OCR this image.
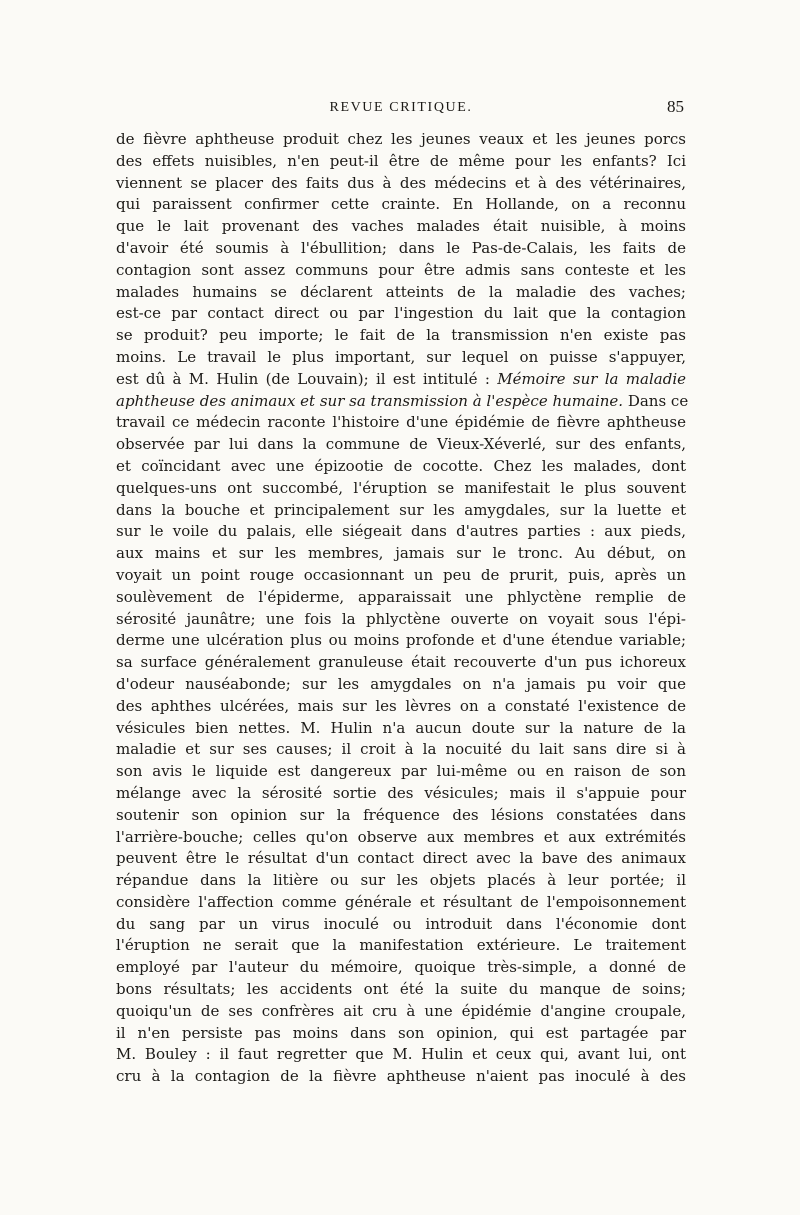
REVUE CRITIQUE.	85
de fièvre aphtheuse produit chez les jeunes veaux et les jeunes porcs
des effets nuisibles, n'en peut-il être de même pour les enfants? Ici
viennent se placer des faits dus à des médecins et à des vétérinaires,
qui paraissent confirmer cette crainte. En Hollande, on a reconnu
que le lait provenant des vaches malades était nuisible, à moins
d'avoir été soumis à l'ébullition; dans le Pas-de-Calais, les faits de
contagion sont assez communs pour être admis sans conteste et les
malades humains se déclarent atteints de la maladie des vaches;
est-ce par contact direct ou par l'ingestion du lait que la contagion
se produit? peu importe; le fait de la transmission n'en existe pas
moins. Le travail le plus important, sur lequel on puisse s'appuyer,
est dû à M. Hulin (de Louvain); il est intitulé : Mémoire sur la maladie
aphtheuse des animaux et sur sa transmission à l'espèce humaine. Dans ce
travail ce médecin raconte l'histoire d'une épidémie de fièvre aphtheuse
observée par lui dans la commune de Vieux-Xéverlé, sur des enfants,
et coïncidant avec une épizootie de cocotte. Chez les malades, dont
quelques-uns ont succombé, l'éruption se manifestait le plus souvent
dans la bouche et principalement sur les amygdales, sur la luette et
sur le voile du palais, elle siégeait dans d'autres parties : aux pieds,
aux mains et sur les membres, jamais sur le tronc. Au début, on
voyait un point rouge occasionnant un peu de prurit, puis, après un
soulèvement de l'épiderme, apparaissait une phlyctène remplie de
sérosité jaunâtre; une fois la phlyctène ouverte on voyait sous l'épi-
derme une ulcération plus ou moins profonde et d'une étendue variable;
sa surface généralement granuleuse était recouverte d'un pus ichoreux
d'odeur nauséabonde; sur les amygdales on n'a jamais pu voir que
des aphthes ulcérées, mais sur les lèvres on a constaté l'existence de
vésicules bien nettes. M. Hulin n'a aucun doute sur la nature de la
maladie et sur ses causes; il croit à la nocuité du lait sans dire si à
son avis le liquide est dangereux par lui-même ou en raison de son
mélange avec la sérosité sortie des vésicules; mais il s'appuie pour
soutenir son opinion sur la fréquence des lésions constatées dans
l'arrière-bouche; celles qu'on observe aux membres et aux extrémités
peuvent être le résultat d'un contact direct avec la bave des animaux
répandue dans la litière ou sur les objets placés à leur portée; il
considère l'affection comme générale et résultant de l'empoisonnement
du sang par un virus inoculé ou introduit dans l'économie dont
l'éruption ne serait que la manifestation extérieure. Le traitement
employé par l'auteur du mémoire, quoique très-simple, a donné de
bons résultats; les accidents ont été la suite du manque de soins;
quoiqu'un de ses confrères ait cru à une épidémie d'angine croupale,
il n'en persiste pas moins dans son opinion, qui est partagée par
M. Bouley : il faut regretter que M. Hulin et ceux qui, avant lui, ont
cru à la contagion de la fièvre aphtheuse n'aient pas inoculé à des
